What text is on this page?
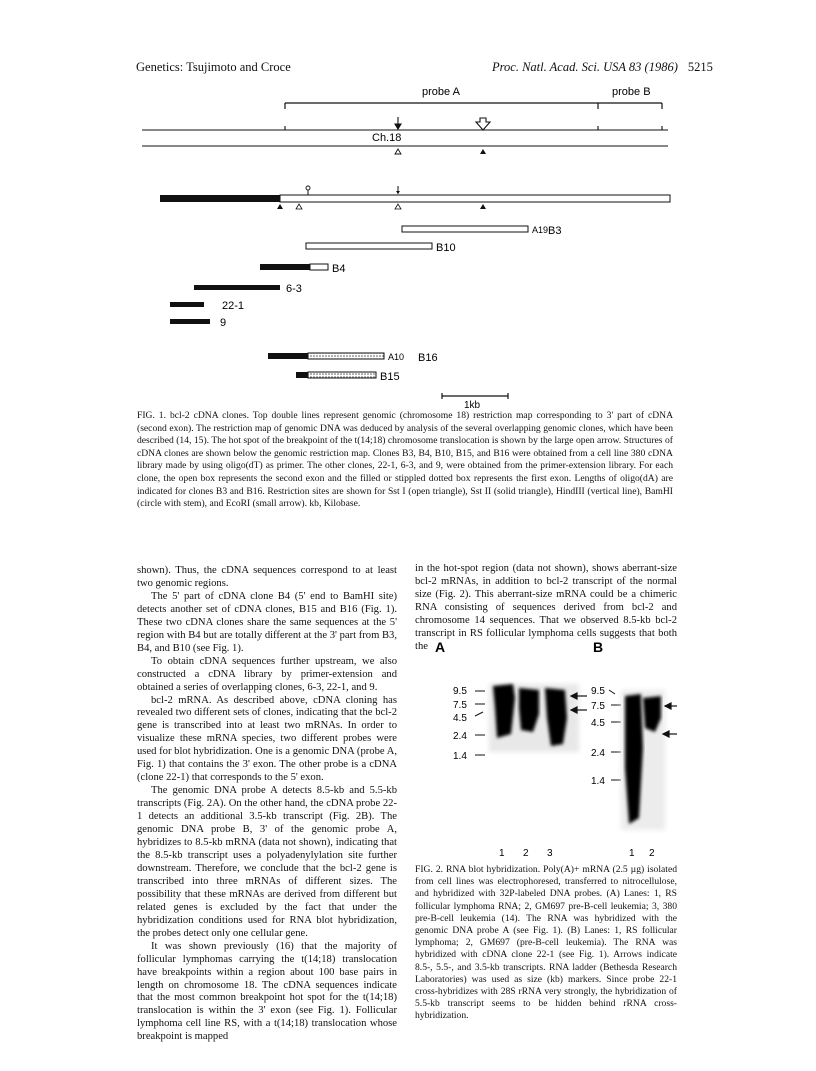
Genetics: Tsujimoto and Croce	Proc. Natl. Acad. Sci. USA 83 (1986) 5215
probe A	probe B
Ch.18
A19 B3
B10
B4
6-3
22-1
9
A10 B16
B15
1kb
FIG. 1. bcl-2 cDNA clones. Top double lines represent genomic (chromosome 18) restriction map corresponding to 3' part of cDNA (second exon). The restriction map of genomic DNA was deduced by analysis of the several overlapping genomic clones, which have been described (14, 15). The hot spot of the breakpoint of the t(14;18) chromosome translocation is shown by the large open arrow. Structures of cDNA clones are shown below the genomic restriction map. Clones B3, B4, B10, B15, and B16 were obtained from a cell line 380 cDNA library made by using oligo(dT) as primer. The other clones, 22-1, 6-3, and 9, were obtained from the primer-extension library. For each clone, the open box represents the second exon and the filled or stippled dotted box represents the first exon. Lengths of oligo(dA) are indicated for clones B3 and B16. Restriction sites are shown for Sst I (open triangle), Sst II (solid triangle), HindIII (vertical line), BamHI (circle with stem), and EcoRI (small arrow). kb, Kilobase.

shown). Thus, the cDNA sequences correspond to at least two genomic regions.

The 5' part of cDNA clone B4 (5' end to BamHI site) detects another set of cDNA clones, B15 and B16 (Fig. 1). These two cDNA clones share the same sequences at the 5' region with B4 but are totally different at the 3' part from B3, B4, and B10 (see Fig. 1).

To obtain cDNA sequences further upstream, we also constructed a cDNA library by primer-extension and obtained a series of overlapping clones, 6-3, 22-1, and 9.

bcl-2 mRNA. As described above, cDNA cloning has revealed two different sets of clones, indicating that the bcl-2 gene is transcribed into at least two mRNAs. In order to visualize these mRNA species, two different probes were used for blot hybridization. One is a genomic DNA (probe A, Fig. 1) that contains the 3' exon. The other probe is a cDNA (clone 22-1) that corresponds to the 5' exon.

The genomic DNA probe A detects 8.5-kb and 5.5-kb transcripts (Fig. 2A). On the other hand, the cDNA probe 22-1 detects an additional 3.5-kb transcript (Fig. 2B). The genomic DNA probe B, 3' of the genomic probe A, hybridizes to 8.5-kb mRNA (data not shown), indicating that the 8.5-kb transcript uses a polyadenylylation site further downstream. Therefore, we conclude that the bcl-2 gene is transcribed into three mRNAs of different sizes. The possibility that these mRNAs are derived from different but related genes is excluded by the fact that under the hybridization conditions used for RNA blot hybridization, the probes detect only one cellular gene.

It was shown previously (16) that the majority of follicular lymphomas carrying the t(14;18) translocation have breakpoints within a region about 100 base pairs in length on chromosome 18. The cDNA sequences indicate that the most common breakpoint hot spot for the t(14;18) translocation is within the 3' exon (see Fig. 1). Follicular lymphoma cell line RS, with a t(14;18) translocation whose breakpoint is mapped

in the hot-spot region (data not shown), shows aberrant-size bcl-2 mRNAs, in addition to bcl-2 transcript of the normal size (Fig. 2). This aberrant-size mRNA could be a chimeric RNA consisting of sequences derived from bcl-2 and chromosome 14 sequences. That we observed 8.5-kb bcl-2 transcript in RS follicular lymphoma cells suggests that both the A	B
9.5
7.5
4.5
2.4
1.4
1 2 3
9.5
7.5
4.5
2.4
1.4
1 2
FIG. 2. RNA blot hybridization. Poly(A)+ mRNA (2.5 µg) isolated from cell lines was electrophoresed, transferred to nitrocellulose, and hybridized with 32P-labeled DNA probes. (A) Lanes: 1, RS follicular lymphoma RNA; 2, GM697 pre-B-cell leukemia; 3, 380 pre-B-cell leukemia (14). The RNA was hybridized with the genomic DNA probe A (see Fig. 1). (B) Lanes: 1, RS follicular lymphoma; 2, GM697 (pre-B-cell leukemia). The RNA was hybridized with cDNA clone 22-1 (see Fig. 1). Arrows indicate 8.5-, 5.5-, and 3.5-kb transcripts. RNA ladder (Bethesda Research Laboratories) was used as size (kb) markers. Since probe 22-1 cross-hybridizes with 28S rRNA very strongly, the hybridization of 5.5-kb transcript seems to be hidden behind rRNA cross-hybridization.
